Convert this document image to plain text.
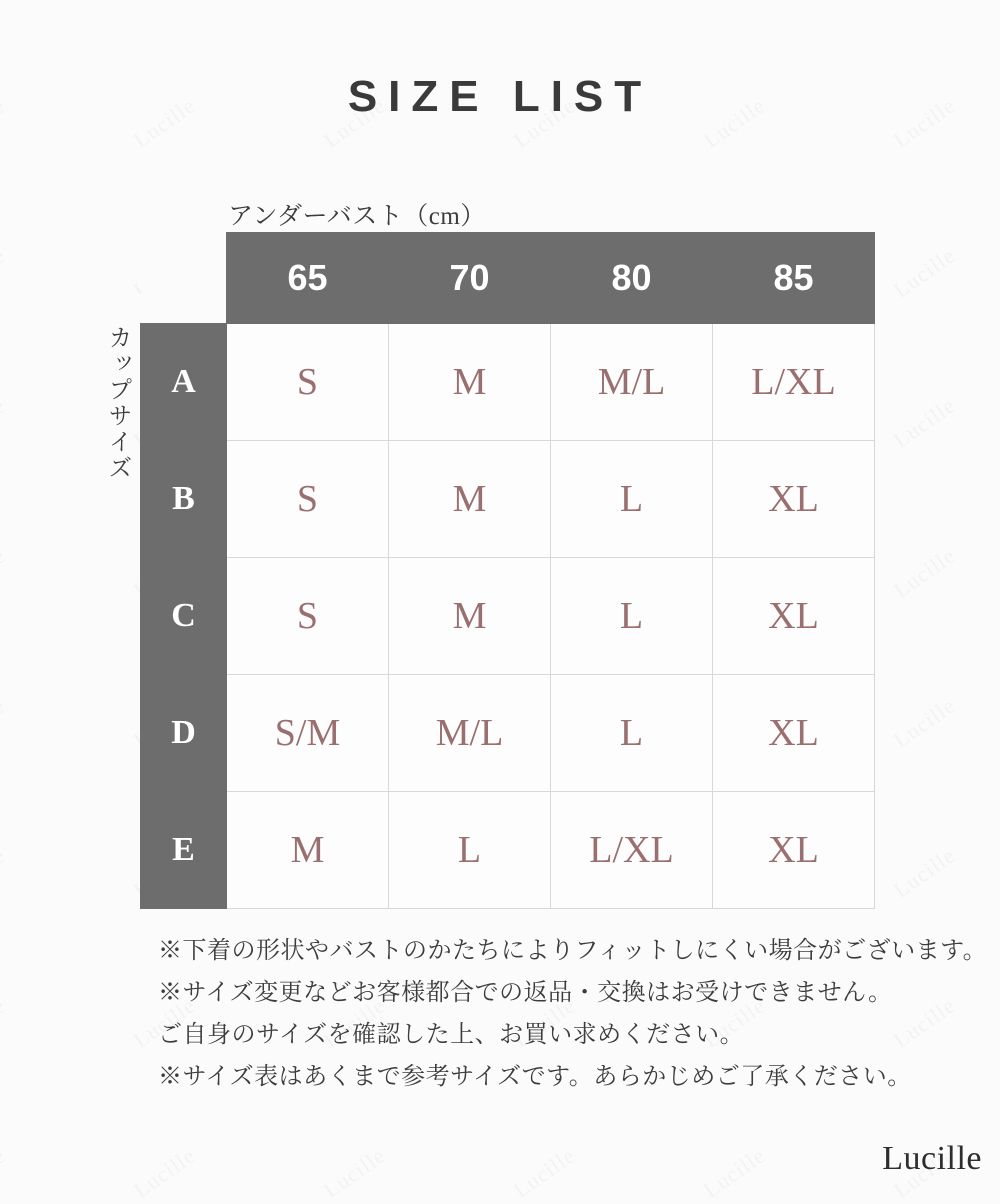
SIZE LIST
アンダーバスト（cm）
カップサイズ
	65	70	80	85
A	S	M	M/L	L/XL
B	S	M	L	XL
C	S	M	L	XL
D	S/M	M/L	L	XL
E	M	L	L/XL	XL
※下着の形状やバストのかたちによりフィットしにくい場合がございます。
※サイズ変更などお客様都合での返品・交換はお受けできません。
ご自身のサイズを確認した上、お買い求めください。
※サイズ表はあくまで参考サイズです。あらかじめご了承ください。
Lucille
